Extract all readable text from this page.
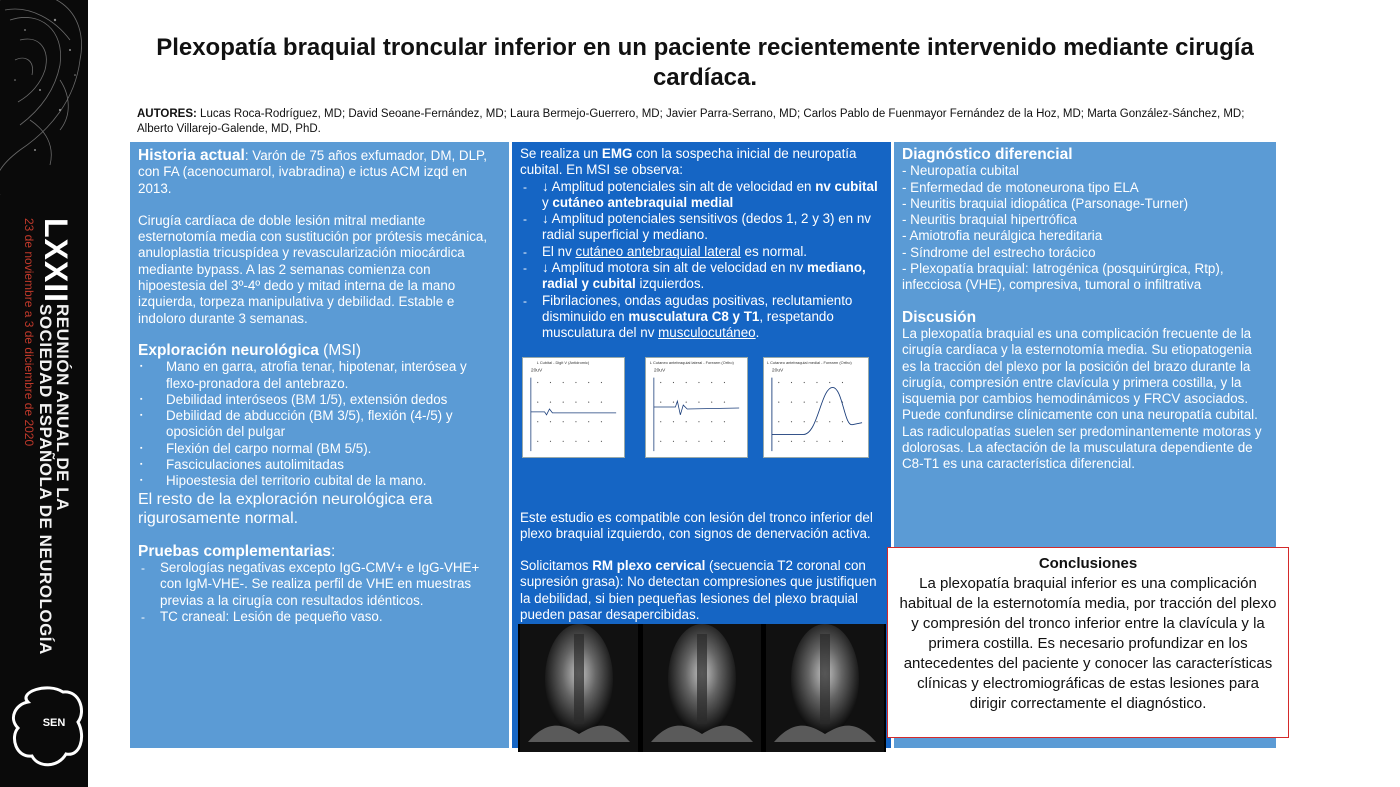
LXXII
REUNIÓN ANUAL DE LA
SOCIEDAD ESPAÑOLA DE NEUROLOGÍA
23 de noviembre a 3 de diciembre de 2020
SEN
Plexopatía braquial troncular inferior en un paciente recientemente intervenido mediante cirugía cardíaca.
AUTORES: Lucas Roca-Rodríguez, MD; David Seoane-Fernández, MD; Laura Bermejo-Guerrero, MD; Javier Parra-Serrano, MD; Carlos Pablo de Fuenmayor Fernández de la Hoz, MD; Marta González-Sánchez, MD; Alberto Villarejo-Galende, MD, PhD.
Historia actual: Varón de 75 años exfumador, DM, DLP, con FA (acenocumarol, ivabradina) e ictus ACM izqd en 2013.
Cirugía cardíaca de doble lesión mitral mediante esternotomía media con sustitución por prótesis mecánica, anuloplastia tricuspídea y revascularización miocárdica mediante bypass. A las 2 semanas comienza con hipoestesia del 3º-4º dedo y mitad interna de la mano izquierda, torpeza manipulativa y debilidad. Estable e indoloro durante 3 semanas.
Exploración neurológica (MSI)
▪ Mano en garra, atrofia tenar, hipotenar, interósea y flexo-pronadora del antebrazo.
▪ Debilidad interóseos (BM 1/5), extensión dedos
▪ Debilidad de abducción (BM 3/5), flexión (4-/5) y oposición del pulgar
▪ Flexión del carpo normal (BM 5/5).
▪ Fasciculaciones autolimitadas
▪ Hipoestesia del territorio cubital de la mano.
El resto de la exploración neurológica era rigurosamente normal.
Pruebas complementarias:
- Serologías negativas excepto IgG-CMV+ e IgG-VHE+ con IgM-VHE-. Se realiza perfil de VHE en muestras previas a la cirugía con resultados idénticos.
- TC craneal: Lesión de pequeño vaso.
Se realiza un EMG con la sospecha inicial de neuropatía cubital. En MSI se observa:
- ↓ Amplitud potenciales sin alt de velocidad en nv cubital y cutáneo antebraquial medial
- ↓ Amplitud potenciales sensitivos (dedos 1, 2 y 3) en nv radial superficial y mediano.
- El nv cutáneo antebraquial lateral es normal.
- ↓ Amplitud motora sin alt de velocidad en nv mediano, radial y cubital izquierdos.
- Fibrilaciones, ondas agudas positivas, reclutamiento disminuido en musculatura C8 y T1, respetando musculatura del nv musculocutáneo.
Este estudio es compatible con lesión del tronco inferior del plexo braquial izquierdo, con signos de denervación activa.
Solicitamos RM plexo cervical (secuencia T2 coronal con supresión grasa): No detectan compresiones que justifiquen la debilidad, si bien pequeñas lesiones del plexo braquial pueden pasar desapercibidas.
L Cubital - Digit V (Antidromic)
20uV
L Cutaneo antebraquial lateral - Forearm (Ortho)
20uV
L Cutaneo antebraquial medial - Forearm (Ortho)
20uV
Diagnóstico diferencial
- Neuropatía cubital
- Enfermedad de motoneurona tipo ELA
- Neuritis braquial idiopática (Parsonage-Turner)
- Neuritis braquial hipertrófica
- Amiotrofia neurálgica hereditaria
- Síndrome del estrecho torácico
- Plexopatía braquial: Iatrogénica (posquirúrgica, Rtp), infecciosa (VHE), compresiva, tumoral o infiltrativa
Discusión
La plexopatía braquial es una complicación frecuente de la cirugía cardíaca y la esternotomía media. Su etiopatogenia es la tracción del plexo por la posición del brazo durante la cirugía, compresión entre clavícula y primera costilla, y la isquemia por cambios hemodinámicos y FRCV asociados. Puede confundirse clínicamente con una neuropatía cubital. Las radiculopatías suelen ser predominantemente motoras y dolorosas. La afectación de la musculatura dependiente de C8-T1 es una característica diferencial.
Conclusiones
La plexopatía braquial inferior es una complicación habitual de la esternotomía media, por tracción del plexo y compresión del tronco inferior entre la clavícula y la primera costilla. Es necesario profundizar en los antecedentes del paciente y conocer las características clínicas y electromiográficas de estas lesiones para dirigir correctamente el diagnóstico.
